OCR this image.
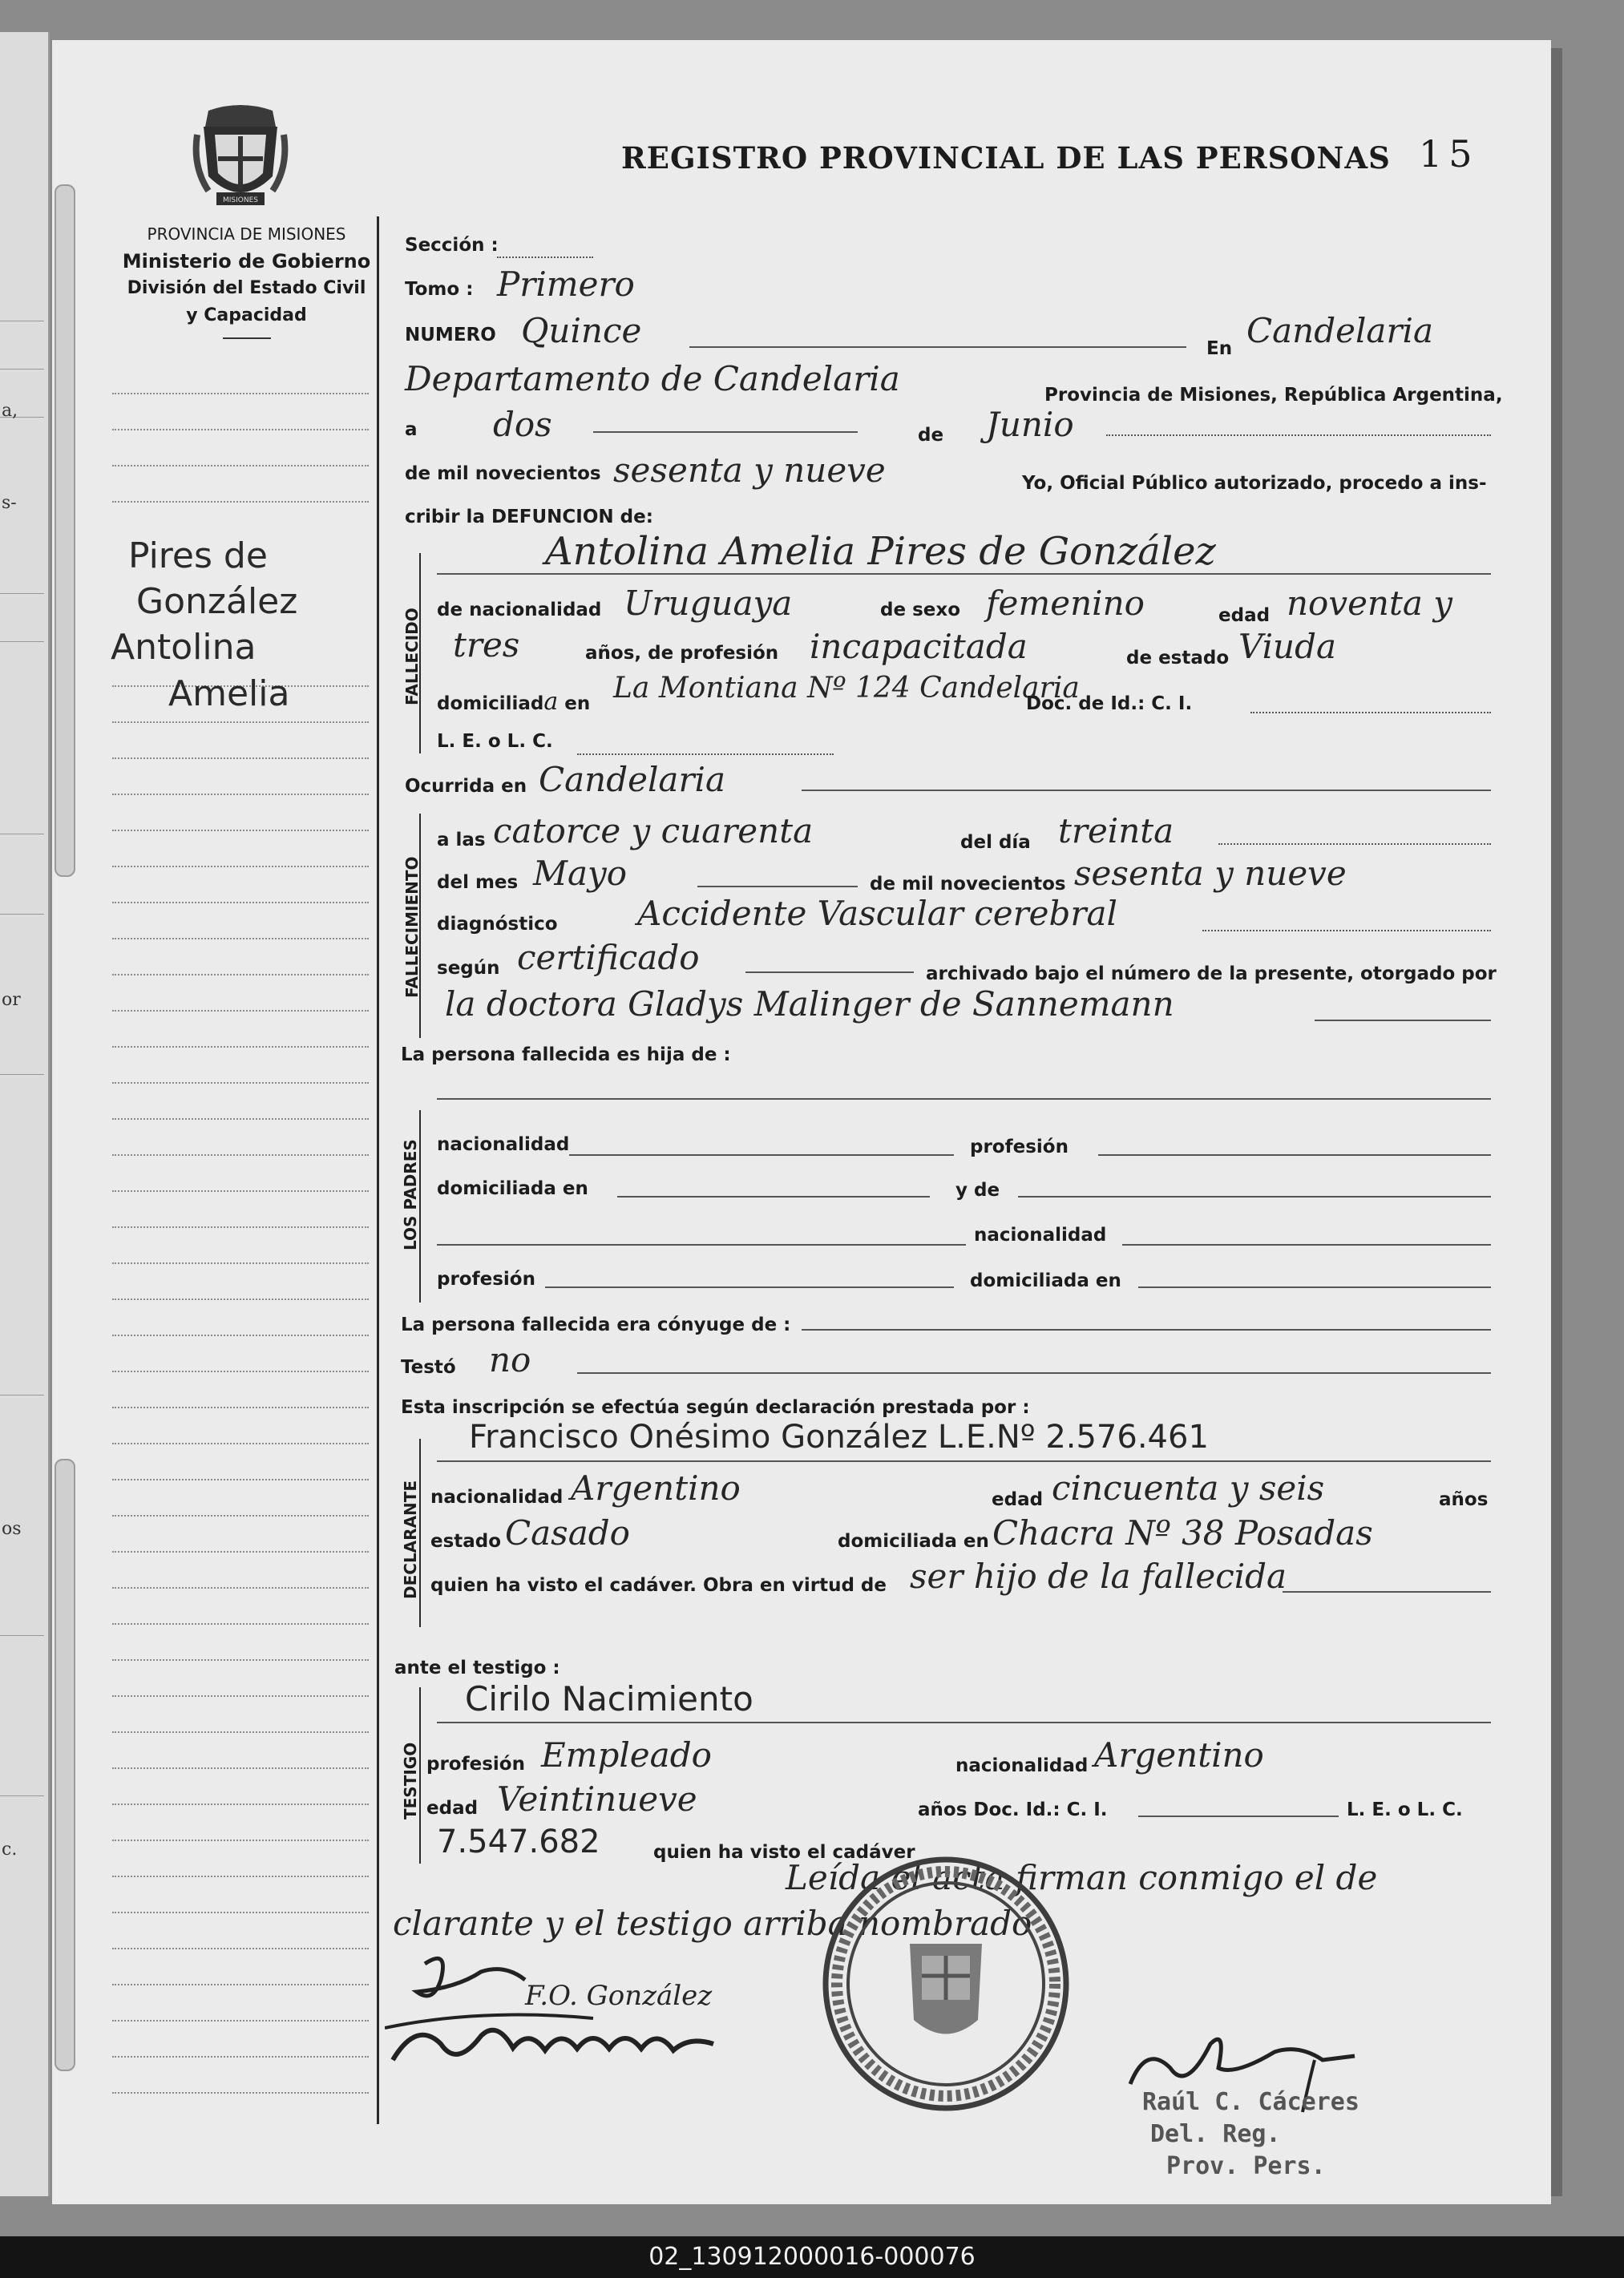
a,
s-
or
os
c.
MISIONES
PROVINCIA DE MISIONES
Ministerio de Gobierno
División del Estado Civil
y Capacidad
REGISTRO PROVINCIAL DE LAS PERSONAS 15
Pires de
González
Antolina
Amelia
Sección :
Tomo : Primero
NUMERO Quince	En Candelaria
Departamento de Candelaria	Provincia de Misiones, República Argentina,
a dos	de Junio
de mil novecientos sesenta y nueve	Yo, Oficial Público autorizado, procedo a ins-
cribir la DEFUNCION de:
FALLECIDO
Antolina Amelia Pires de González
de nacionalidad Uruguaya	de sexo femenino	edad noventa y
tres	años, de profesión incapacitada	de estado Viuda
domiciliada en La Montiana Nº 124 Candelaria
Doc. de Id.: C. I.
L. E. o L. C.
Ocurrida en Candelaria
FALLECIMIENTO
a las catorce y cuarenta	del día treinta
del mes Mayo	de mil novecientos sesenta y nueve
diagnóstico Accidente Vascular cerebral
según certificado	archivado bajo el número de la presente, otorgado por
la doctora Gladys Malinger de Sannemann
La persona fallecida es hija de :
LOS PADRES nacionalidad	profesión
domiciliada en	y de
nacionalidad
profesión	domiciliada en
La persona fallecida era cónyuge de :
Testó no
Esta inscripción se efectúa según declaración prestada por :
DECLARANTE
Francisco Onésimo González L.E.Nº 2.576.461
nacionalidad Argentino	edad cincuenta y seis	años
estado Casado	domiciliada en Chacra Nº 38 Posadas
quien ha visto el cadáver. Obra en virtud de ser hijo de la fallecida
ante el testigo :
TESTIGO
Cirilo Nacimiento
profesión Empleado	nacionalidad Argentino
edad Veintinueve	años Doc. Id.: C. I.	L. E. o L. C.
7.547.682	quien ha visto el cadáver
Leída el acta firman conmigo el de
clarante y el testigo arriba nombrado
F.O. González
Raúl C. Cáceres
Del. Reg.
Prov. Pers.
02_130912000016-000076
